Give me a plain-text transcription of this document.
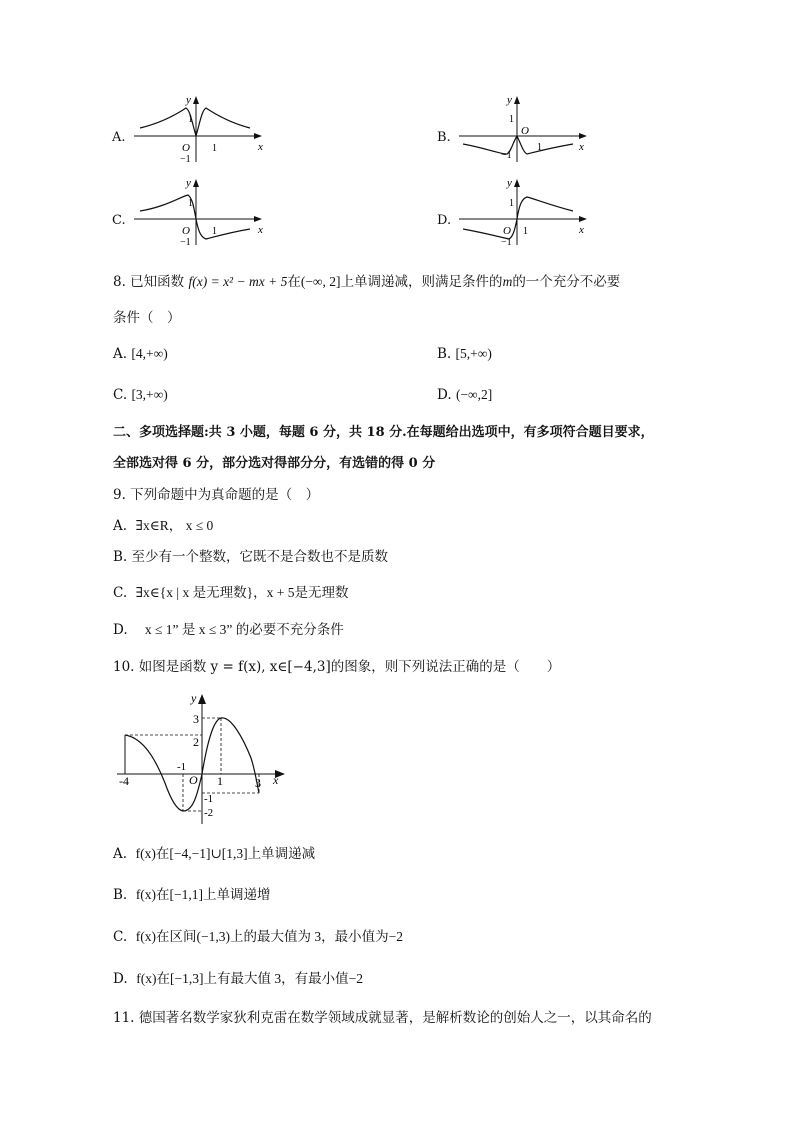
A.
y
x
O
1
1
−1
B.
y
x
O
1
1
−1
C.
y
x
O
1
1
−1
D.
y
x
O
1
1
−1
8. 已知函数 f(x) = x² − mx + 5在(−∞, 2]上单调递减，则满足条件的m的一个充分不必要
条件（　）
A. [4,+∞)	B. [5,+∞)
C. [3,+∞)	D. (−∞,2]
二、多项选择题:共 3 小题，每题 6 分，共 18 分.在每题给出选项中，有多项符合题目要求，
全部选对得 6 分，部分选对得部分分，有选错的得 0 分
9. 下列命题中为真命题的是（　）
A. ∃x∈R， x ≤ 0
B. 至少有一个整数，它既不是合数也不是质数
C. ∃x∈{x | x 是无理数}，x + 5是无理数
D. x ≤ 1” 是 x ≤ 3” 的必要不充分条件
10. 如图是函数 y = f(x), x∈[−4,3]的图象，则下列说法正确的是（　　）
y
x
O
3
2
-1
-4	1	3
-1
-2
A. f(x)在[−4,−1]∪[1,3]上单调递减
B. f(x)在[−1,1]上单调递增
C. f(x)在区间(−1,3)上的最大值为 3，最小值为−2
D. f(x)在[−1,3]上有最大值 3，有最小值−2
11. 德国著名数学家狄利克雷在数学领域成就显著，是解析数论的创始人之一，以其命名的
